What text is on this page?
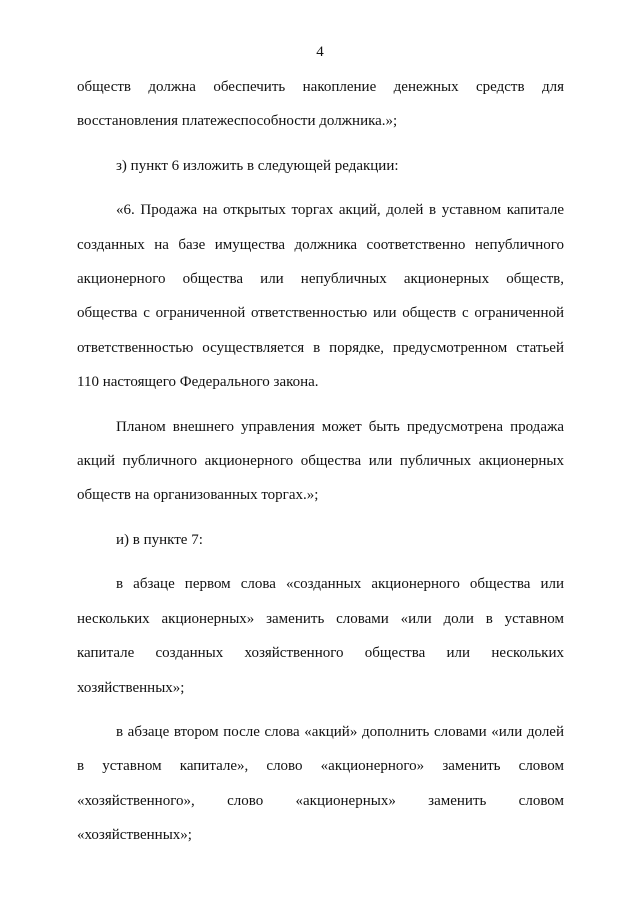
4

обществ должна обеспечить накопление денежных средств для

восстановления платежеспособности должника.»;

з) пункт 6 изложить в следующей редакции:

«6. Продажа на открытых торгах акций, долей в уставном капитале

созданных на базе имущества должника соответственно непубличного

акционерного общества или непубличных акционерных обществ,

общества с ограниченной ответственностью или обществ с ограниченной

ответственностью осуществляется в порядке, предусмотренном статьей

110 настоящего Федерального закона.

Планом внешнего управления может быть предусмотрена продажа

акций публичного акционерного общества или публичных акционерных

обществ на организованных торгах.»;

и) в пункте 7:

в абзаце первом слова «созданных акционерного общества или

нескольких акционерных» заменить словами «или доли в уставном

капитале созданных хозяйственного общества или нескольких

хозяйственных»;

в абзаце втором после слова «акций» дополнить словами «или долей

в уставном капитале», слово «акционерного» заменить словом

«хозяйственного», слово «акционерных» заменить словом

«хозяйственных»;
